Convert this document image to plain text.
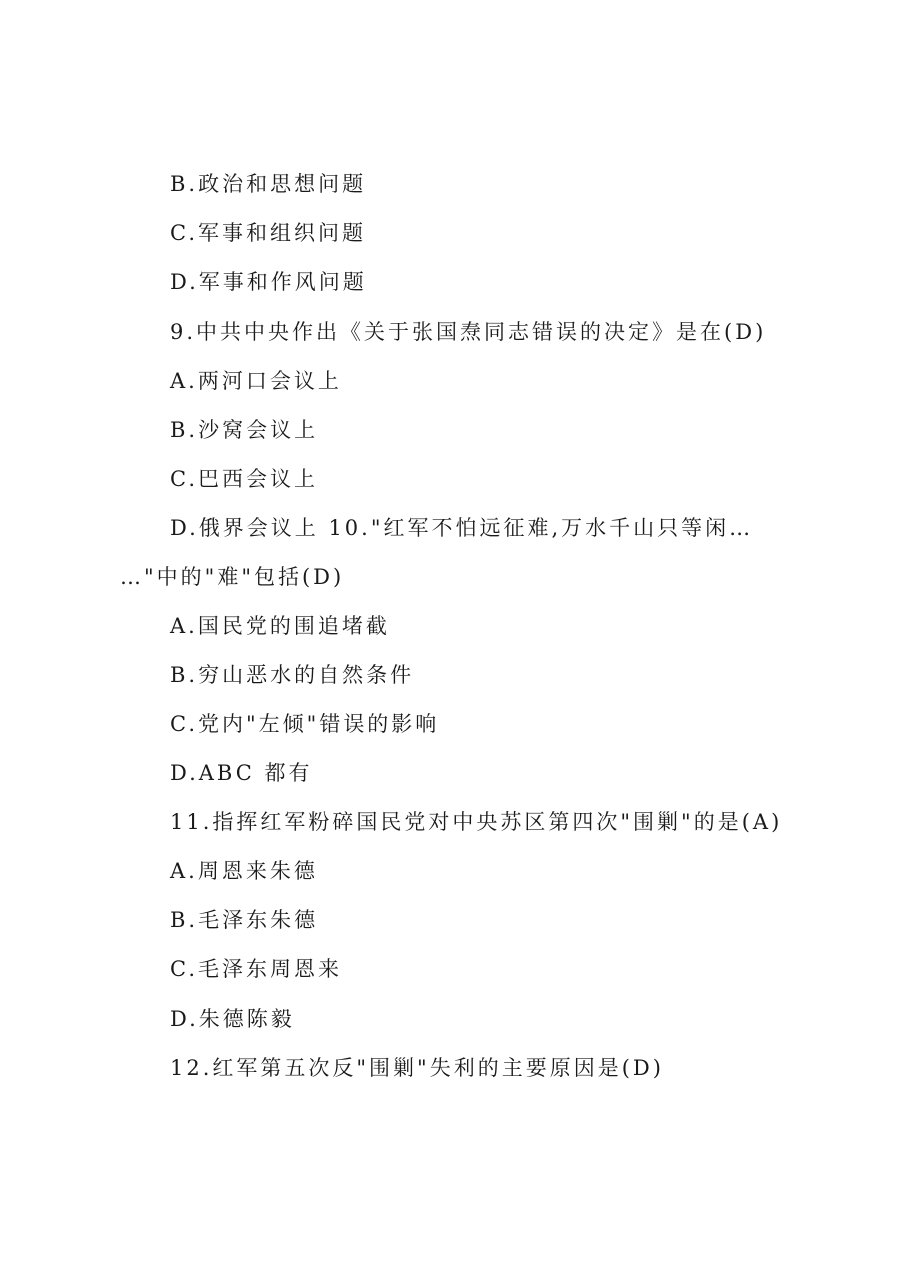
B.政治和思想问题
C.军事和组织问题
D.军事和作风问题
9.中共中央作出《关于张国焘同志错误的决定》是在(D)
A.两河口会议上
B.沙窝会议上
C.巴西会议上
D.俄界会议上 10."红军不怕远征难,万水千山只等闲…
…"中的"难"包括(D)
A.国民党的围追堵截
B.穷山恶水的自然条件
C.党内"左倾"错误的影响
D.ABC 都有
11.指挥红军粉碎国民党对中央苏区第四次"围剿"的是(A)
A.周恩来朱德
B.毛泽东朱德
C.毛泽东周恩来
D.朱德陈毅
12.红军第五次反"围剿"失利的主要原因是(D)
